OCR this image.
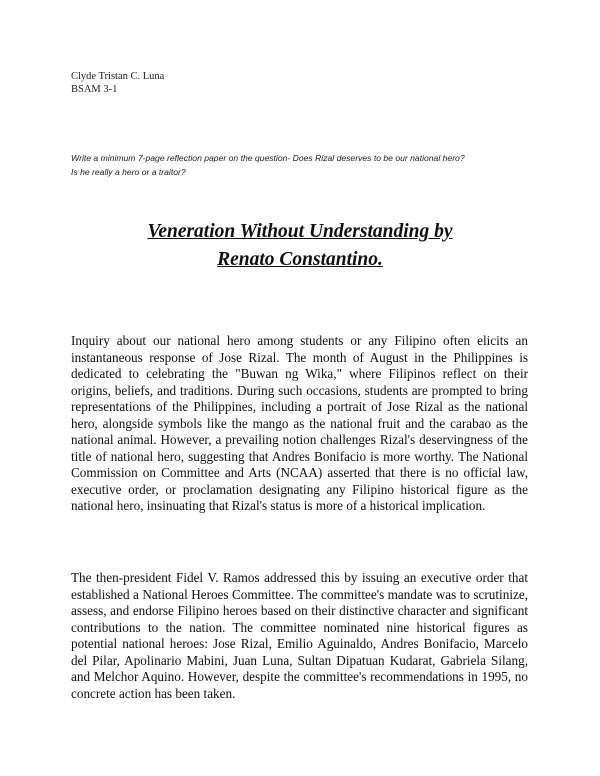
Clyde Tristan C. Luna
BSAM 3-1
Write a minimum 7-page reflection paper on the question- Does Rizal deserves to be our national hero?
Is he really a hero or a traitor?
Veneration Without Understanding by
Renato Constantino.

Inquiry about our national hero among students or any Filipino often elicits an instantaneous response of Jose Rizal. The month of August in the Philippines is dedicated to celebrating the "Buwan ng Wika," where Filipinos reflect on their origins, beliefs, and traditions. During such occasions, students are prompted to bring representations of the Philippines, including a portrait of Jose Rizal as the national hero, alongside symbols like the mango as the national fruit and the carabao as the national animal. However, a prevailing notion challenges Rizal's deservingness of the title of national hero, suggesting that Andres Bonifacio is more worthy. The National Commission on Committee and Arts (NCAA) asserted that there is no official law, executive order, or proclamation designating any Filipino historical figure as the national hero, insinuating that Rizal's status is more of a historical implication.

The then-president Fidel V. Ramos addressed this by issuing an executive order that established a National Heroes Committee. The committee's mandate was to scrutinize, assess, and endorse Filipino heroes based on their distinctive character and significant contributions to the nation. The committee nominated nine historical figures as potential national heroes: Jose Rizal, Emilio Aguinaldo, Andres Bonifacio, Marcelo del Pilar, Apolinario Mabini, Juan Luna, Sultan Dipatuan Kudarat, Gabriela Silang, and Melchor Aquino. However, despite the committee's recommendations in 1995, no concrete action has been taken.
